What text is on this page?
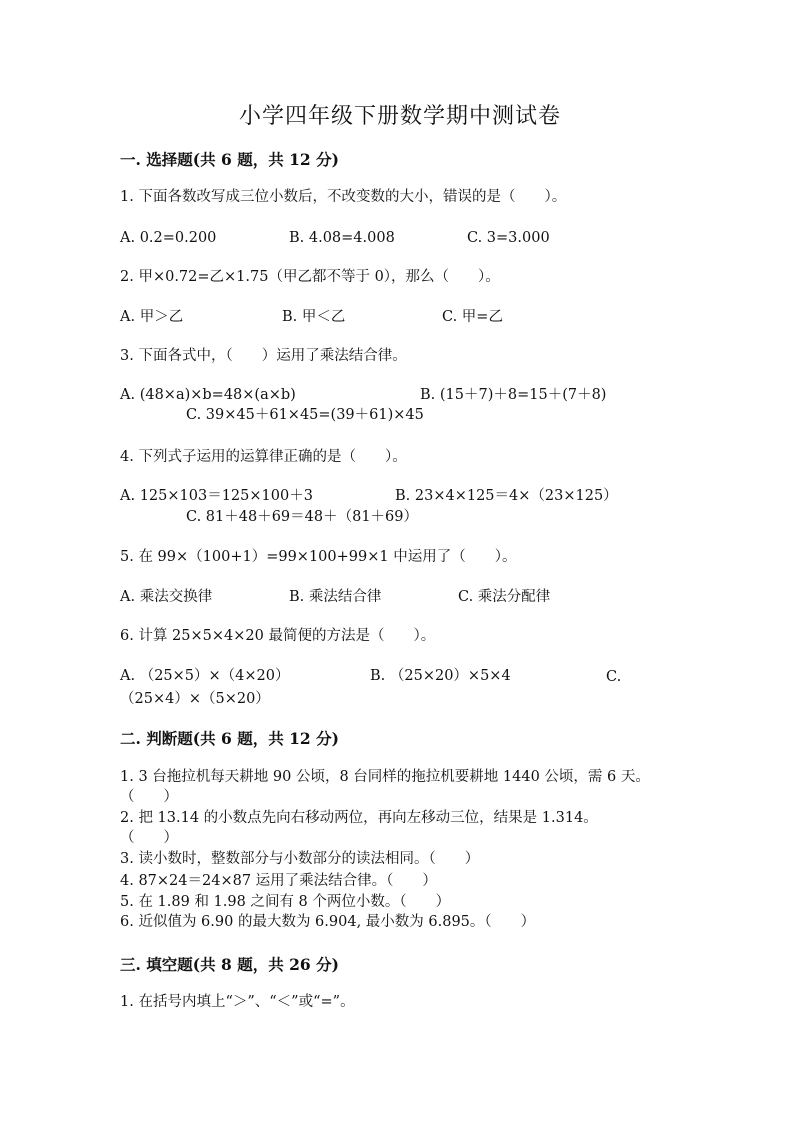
小学四年级下册数学期中测试卷
一. 选择题(共 6 题，共 12 分)
1. 下面各数改写成三位小数后，不改变数的大小，错误的是（　　）。
A. 0.2=0.200	B. 4.08=4.008	C. 3=3.000
2. 甲×0.72=乙×1.75（甲乙都不等于 0），那么（　　）。
A. 甲＞乙	B. 甲＜乙	C. 甲=乙
3. 下面各式中，（　　）运用了乘法结合律。
A. (48×a)×b=48×(a×b)	B. (15＋7)＋8=15＋(7＋8)
C. 39×45＋61×45=(39＋61)×45
4. 下列式子运用的运算律正确的是（　　）。
A. 125×103＝125×100＋3	B. 23×4×125＝4×（23×125）
C. 81＋48＋69＝48＋（81＋69）
5. 在 99×（100+1）=99×100+99×1 中运用了（　　）。
A. 乘法交换律	B. 乘法结合律	C. 乘法分配律
6. 计算 25×5×4×20 最简便的方法是（　　）。
A. （25×5）×（4×20）	B. （25×20）×5×4	C. （25×4）×（5×20）
二. 判断题(共 6 题，共 12 分)
1. 3 台拖拉机每天耕地 90 公顷，8 台同样的拖拉机要耕地 1440 公顷，需 6 天。
（　　）
2. 把 13.14 的小数点先向右移动两位，再向左移动三位，结果是 1.314。
（　　）
3. 读小数时，整数部分与小数部分的读法相同。（　　）
4. 87×24＝24×87 运用了乘法结合律。（　　）
5. 在 1.89 和 1.98 之间有 8 个两位小数。（　　）
6. 近似值为 6.90 的最大数为 6.904, 最小数为 6.895。（　　）
三. 填空题(共 8 题，共 26 分)
1. 在括号内填上“＞”、“＜”或“=”。
